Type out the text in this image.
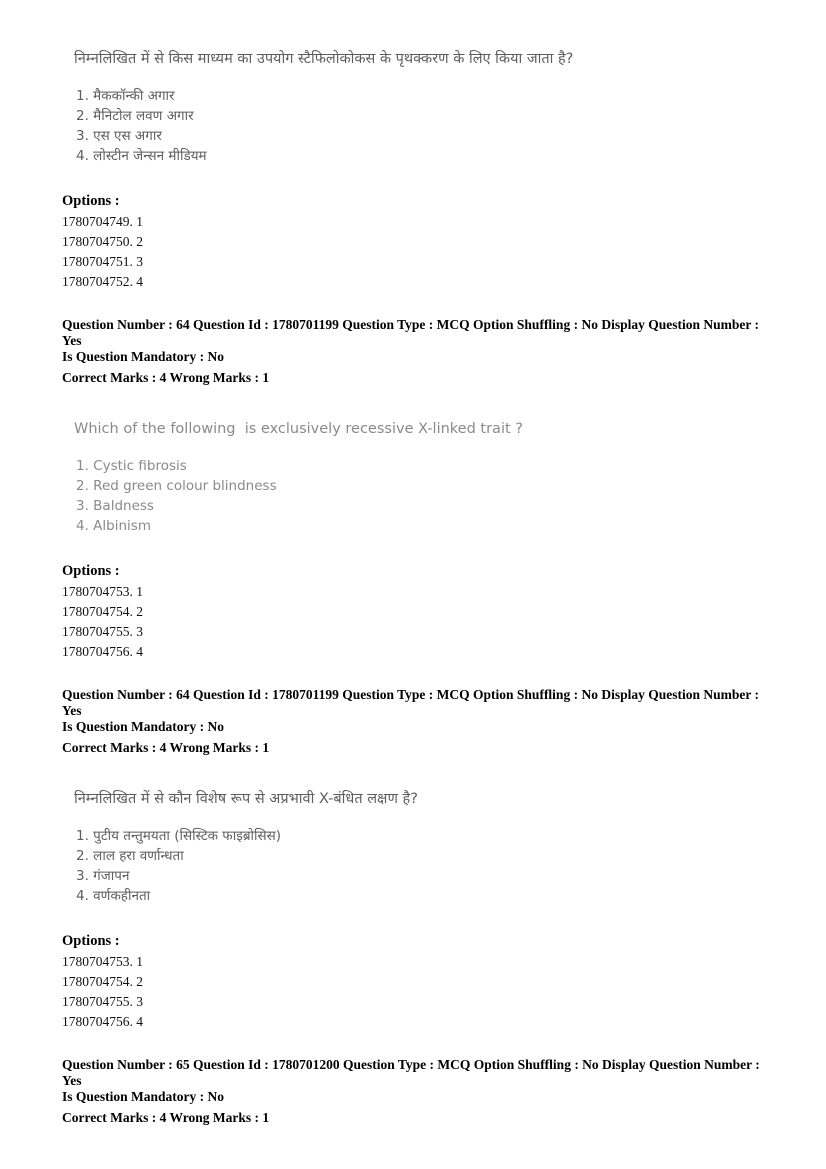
निम्नलिखित में से किस माध्यम का उपयोग स्टैफिलोकोकस के पृथक्करण के लिए किया जाता है?

1. मैककॉन्की अगार
2. मैनिटोल लवण अगार
3. एस एस अगार
4. लोस्टीन जेन्सन मीडियम

Options :

1780704749. 1

1780704750. 2

1780704751. 3

1780704752. 4

Question Number : 64 Question Id : 1780701199 Question Type : MCQ Option Shuffling : No Display Question Number : Yes

Is Question Mandatory : No

Correct Marks : 4 Wrong Marks : 1

Which of the following  is exclusively recessive X-linked trait ?

1. Cystic fibrosis
2. Red green colour blindness
3. Baldness
4. Albinism

Options :

1780704753. 1

1780704754. 2

1780704755. 3

1780704756. 4

Question Number : 64 Question Id : 1780701199 Question Type : MCQ Option Shuffling : No Display Question Number : Yes

Is Question Mandatory : No

Correct Marks : 4 Wrong Marks : 1

निम्नलिखित में से कौन विशेष रूप से अप्रभावी X-बंधित लक्षण है?

1. पुटीय तन्तुमयता (सिस्टिक फाइब्रोसिस)
2. लाल हरा वर्णान्धता
3. गंजापन
4. वर्णकहीनता

Options :

1780704753. 1

1780704754. 2

1780704755. 3

1780704756. 4

Question Number : 65 Question Id : 1780701200 Question Type : MCQ Option Shuffling : No Display Question Number : Yes

Is Question Mandatory : No

Correct Marks : 4 Wrong Marks : 1
